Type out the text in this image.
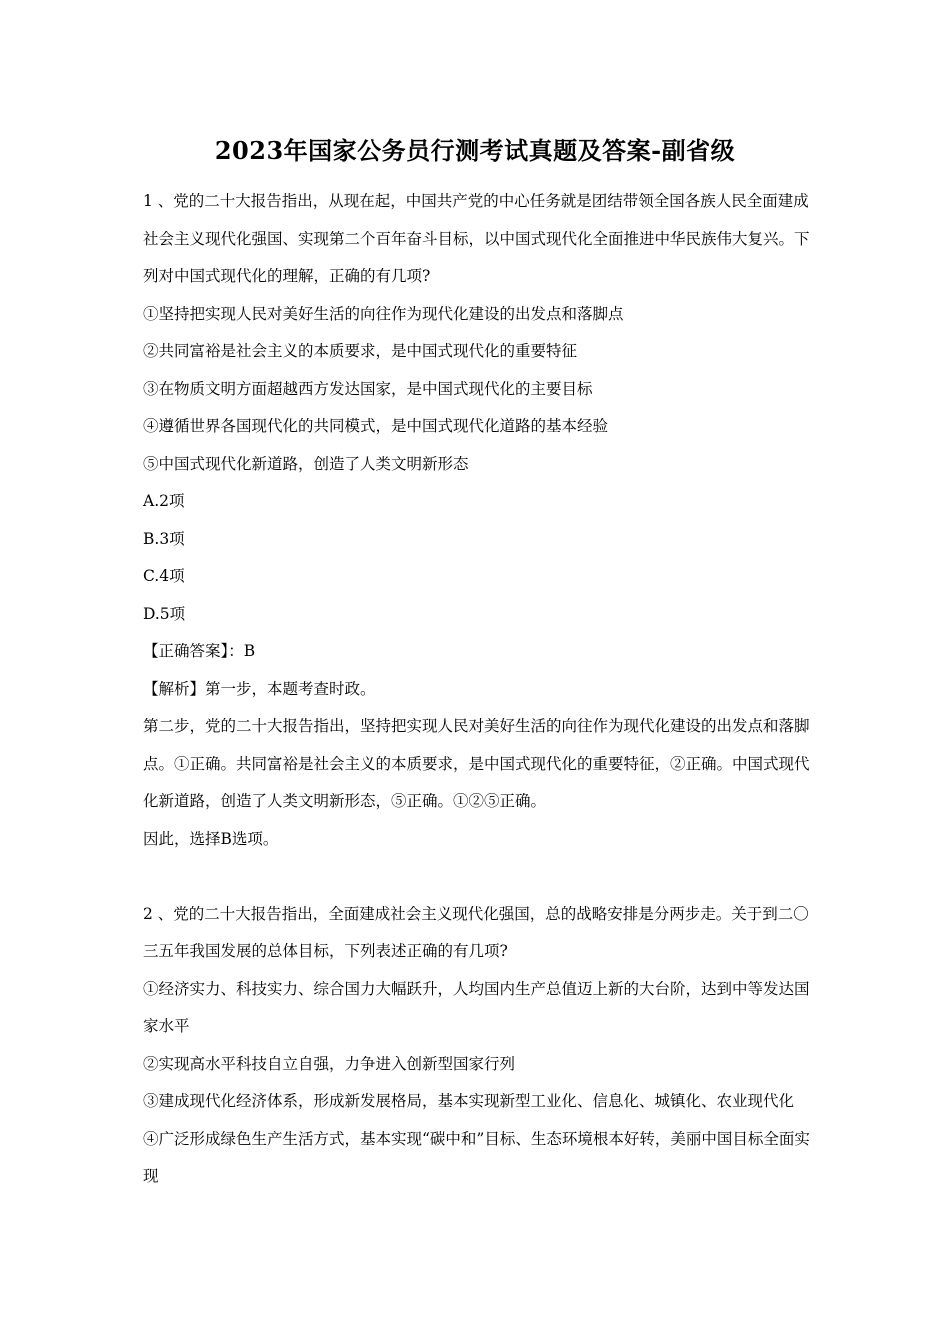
2023年国家公务员行测考试真题及答案-副省级

1 、党的二十大报告指出，从现在起，中国共产党的中心任务就是团结带领全国各族人民全面建成社会主义现代化强国、实现第二个百年奋斗目标，以中国式现代化全面推进中华民族伟大复兴。下列对中国式现代化的理解，正确的有几项?

①坚持把实现人民对美好生活的向往作为现代化建设的出发点和落脚点

②共同富裕是社会主义的本质要求，是中国式现代化的重要特征

③在物质文明方面超越西方发达国家，是中国式现代化的主要目标

④遵循世界各国现代化的共同模式，是中国式现代化道路的基本经验

⑤中国式现代化新道路，创造了人类文明新形态

A.2项

B.3项

C.4项

D.5项

【正确答案】：B

【解析】第一步，本题考查时政。

第二步，党的二十大报告指出，坚持把实现人民对美好生活的向往作为现代化建设的出发点和落脚点。①正确。共同富裕是社会主义的本质要求，是中国式现代化的重要特征，②正确。中国式现代化新道路，创造了人类文明新形态，⑤正确。①②⑤正确。

因此，选择B选项。

2 、党的二十大报告指出，全面建成社会主义现代化强国，总的战略安排是分两步走。关于到二〇三五年我国发展的总体目标，下列表述正确的有几项?

①经济实力、科技实力、综合国力大幅跃升，人均国内生产总值迈上新的大台阶，达到中等发达国家水平

②实现高水平科技自立自强，力争进入创新型国家行列

③建成现代化经济体系，形成新发展格局，基本实现新型工业化、信息化、城镇化、农业现代化

④广泛形成绿色生产生活方式，基本实现“碳中和”目标、生态环境根本好转，美丽中国目标全面实现
